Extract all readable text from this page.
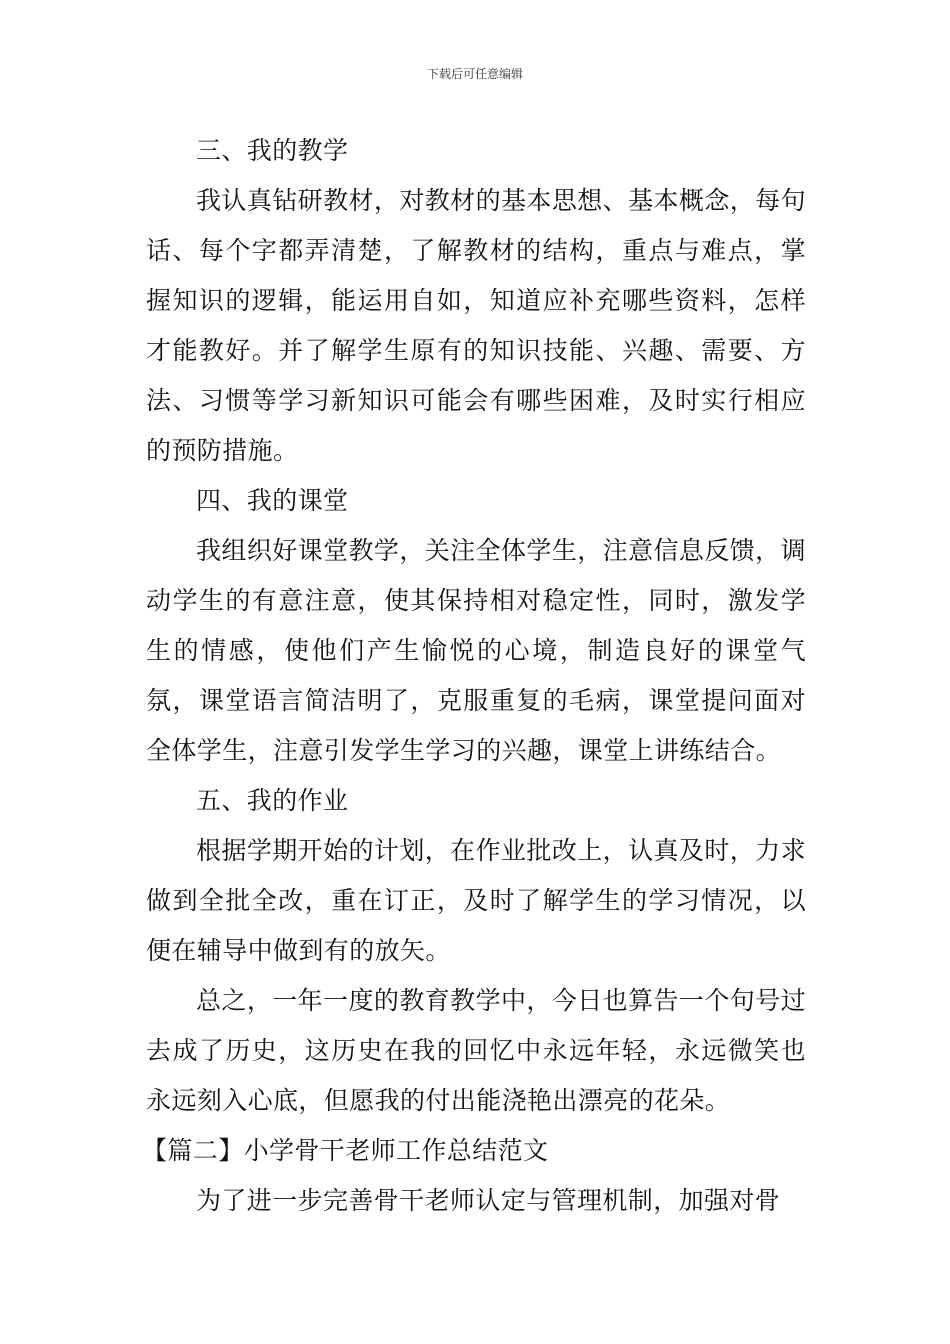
下载后可任意编辑

三、我的教学

我认真钻研教材，对教材的基本思想、基本概念，每句话、每个字都弄清楚，了解教材的结构，重点与难点，掌握知识的逻辑，能运用自如，知道应补充哪些资料，怎样才能教好。并了解学生原有的知识技能、兴趣、需要、方法、习惯等学习新知识可能会有哪些困难，及时实行相应的预防措施。

四、我的课堂

我组织好课堂教学，关注全体学生，注意信息反馈，调动学生的有意注意，使其保持相对稳定性，同时，激发学生的情感，使他们产生愉悦的心境，制造良好的课堂气氛，课堂语言简洁明了，克服重复的毛病，课堂提问面对全体学生，注意引发学生学习的兴趣，课堂上讲练结合。

五、我的作业

根据学期开始的计划，在作业批改上，认真及时，力求做到全批全改，重在订正，及时了解学生的学习情况，以便在辅导中做到有的放矢。

总之，一年一度的教育教学中，今日也算告一个句号过去成了历史，这历史在我的回忆中永远年轻，永远微笑也永远刻入心底，但愿我的付出能浇艳出漂亮的花朵。

【篇二】小学骨干老师工作总结范文

为了进一步完善骨干老师认定与管理机制，加强对骨
